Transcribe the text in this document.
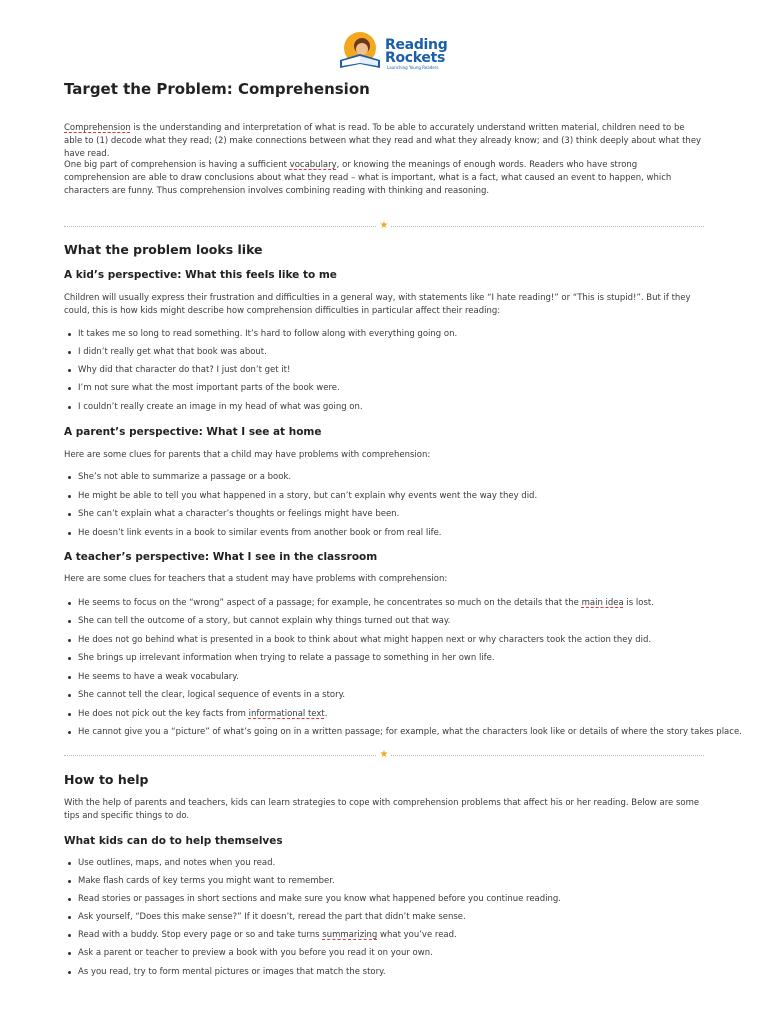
Reading
Rockets
Launching Young Readers
Target the Problem: Comprehension

Comprehension is the understanding and interpretation of what is read. To be able to accurately understand written material, children need to be able to (1) decode what they read; (2) make connections between what they read and what they already know; and (3) think deeply about what they have read.

One big part of comprehension is having a sufficient vocabulary, or knowing the meanings of enough words. Readers who have strong comprehension are able to draw conclusions about what they read – what is important, what is a fact, what caused an event to happen, which characters are funny. Thus comprehension involves combining reading with thinking and reasoning.

★
What the problem looks like
A kid’s perspective: What this feels like to me

Children will usually express their frustration and difficulties in a general way, with statements like “I hate reading!” or “This is stupid!”. But if they could, this is how kids might describe how comprehension difficulties in particular affect their reading:

It takes me so long to read something. It’s hard to follow along with everything going on.
I didn’t really get what that book was about.
Why did that character do that? I just don’t get it!
I’m not sure what the most important parts of the book were.
I couldn’t really create an image in my head of what was going on.
A parent’s perspective: What I see at home

Here are some clues for parents that a child may have problems with comprehension:

She’s not able to summarize a passage or a book.
He might be able to tell you what happened in a story, but can’t explain why events went the way they did.
She can’t explain what a character’s thoughts or feelings might have been.
He doesn’t link events in a book to similar events from another book or from real life.
A teacher’s perspective: What I see in the classroom

Here are some clues for teachers that a student may have problems with comprehension:

He seems to focus on the “wrong” aspect of a passage; for example, he concentrates so much on the details that the main idea is lost.
She can tell the outcome of a story, but cannot explain why things turned out that way.
He does not go behind what is presented in a book to think about what might happen next or why characters took the action they did.
She brings up irrelevant information when trying to relate a passage to something in her own life.
He seems to have a weak vocabulary.
She cannot tell the clear, logical sequence of events in a story.
He does not pick out the key facts from informational text.
He cannot give you a “picture” of what’s going on in a written passage; for example, what the characters look like or details of where the story takes place.
★
How to help

With the help of parents and teachers, kids can learn strategies to cope with comprehension problems that affect his or her reading. Below are some tips and specific things to do.

What kids can do to help themselves
Use outlines, maps, and notes when you read.
Make flash cards of key terms you might want to remember.
Read stories or passages in short sections and make sure you know what happened before you continue reading.
Ask yourself, “Does this make sense?” If it doesn’t, reread the part that didn’t make sense.
Read with a buddy. Stop every page or so and take turns summarizing what you’ve read.
Ask a parent or teacher to preview a book with you before you read it on your own.
As you read, try to form mental pictures or images that match the story.
